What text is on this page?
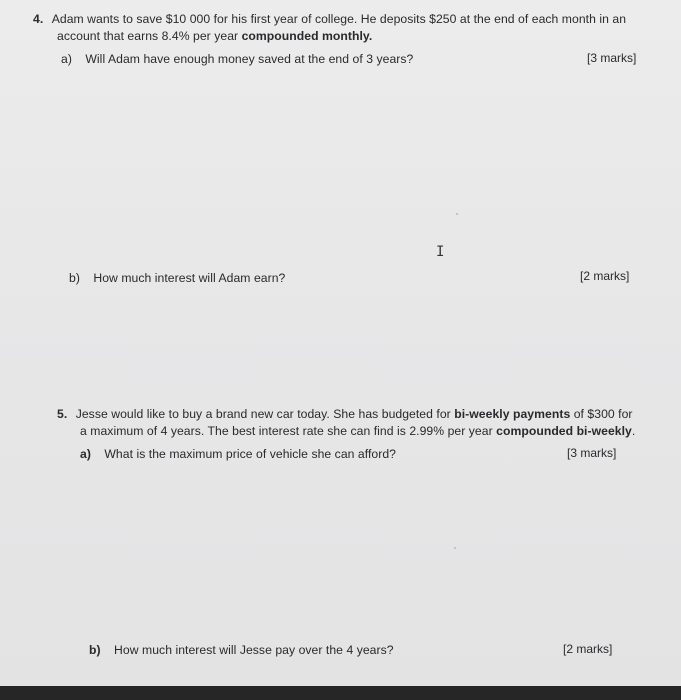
4. Adam wants to save $10 000 for his first year of college. He deposits $250 at the end of each month in an
account that earns 8.4% per year compounded monthly.
a) Will Adam have enough money saved at the end of 3 years?	[3 marks]
I
b) How much interest will Adam earn?	[2 marks]
5. Jesse would like to buy a brand new car today. She has budgeted for bi-weekly payments of $300 for
a maximum of 4 years. The best interest rate she can find is 2.99% per year compounded bi-weekly.
a) What is the maximum price of vehicle she can afford?	[3 marks]
b) How much interest will Jesse pay over the 4 years?	[2 marks]
